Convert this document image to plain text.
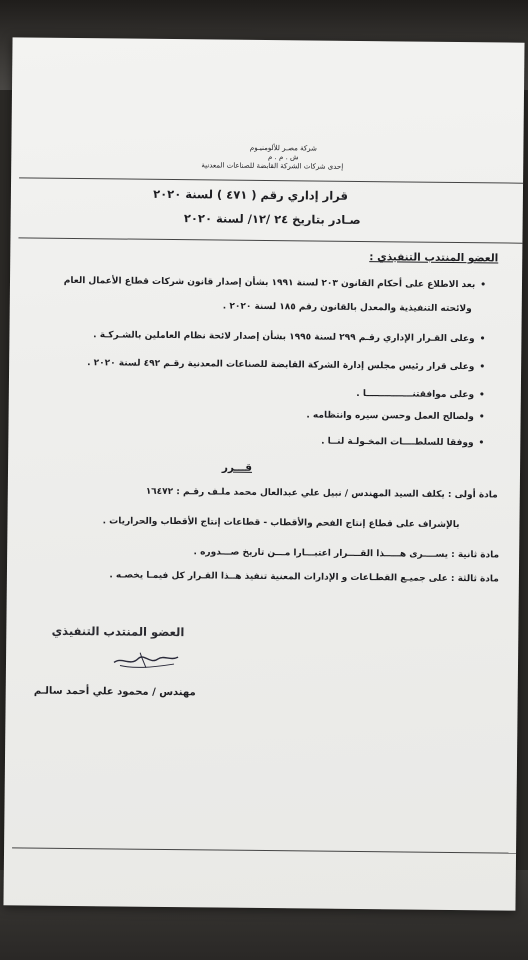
شركة مصـر للألومنيـوم
ش . م . م
إحدى شركات الشركة القابضة للصناعات المعدنية
قرار إداري رقم ( ٤٧١ ) لسنة ٢٠٢٠
صـادر بتاريخ ٢٤ /١٢/ لسنة ٢٠٢٠
العضو المنتدب التنفيذي :
• بعد الاطلاع على أحكام القانون ٢٠٣ لسنة ١٩٩١ بشأن إصدار قانون شركات قطاع الأعمال العام
ولائحته التنفيذية والمعدل بالقانون رقم ١٨٥ لسنة ٢٠٢٠ .
• وعلى القـرار الإداري رقـم ٢٩٩ لسنة ١٩٩٥ بشأن إصدار لائحة نظام العاملين بالشـركـة .
• وعلى قرار رئيس مجلس إدارة الشركة القابضة للصناعات المعدنية رقـم ٤٩٢ لسنة ٢٠٢٠ .
• وعلى موافقتنـــــــــــــــا .
• ولصالح العمل وحسن سيره وانتظامه .
• ووفقا للسلطــــات المخـولـة لنــا .
قـــرر
مادة أولى : يكلف السيد المهندس / نبيل علي عبدالعال محمد ملـف رقـم : ١٦٤٧٢
بالإشراف على قطاع إنتاج الفحم والأقطاب - قطاعات إنتاج الأقطاب والحراريات .
مادة ثانية : يســــرى هـــــذا القــــرار اعتبـــارا مـــن تاريخ صـــدوره .
مادة ثالثة : على جميـع القطـاعات و الإدارات المعنية تنفيذ هــذا القـرار كل فيمـا يخصـه .
العضو المنتدب التنفيذي
مهندس / محمود علي أحمد سالـم
